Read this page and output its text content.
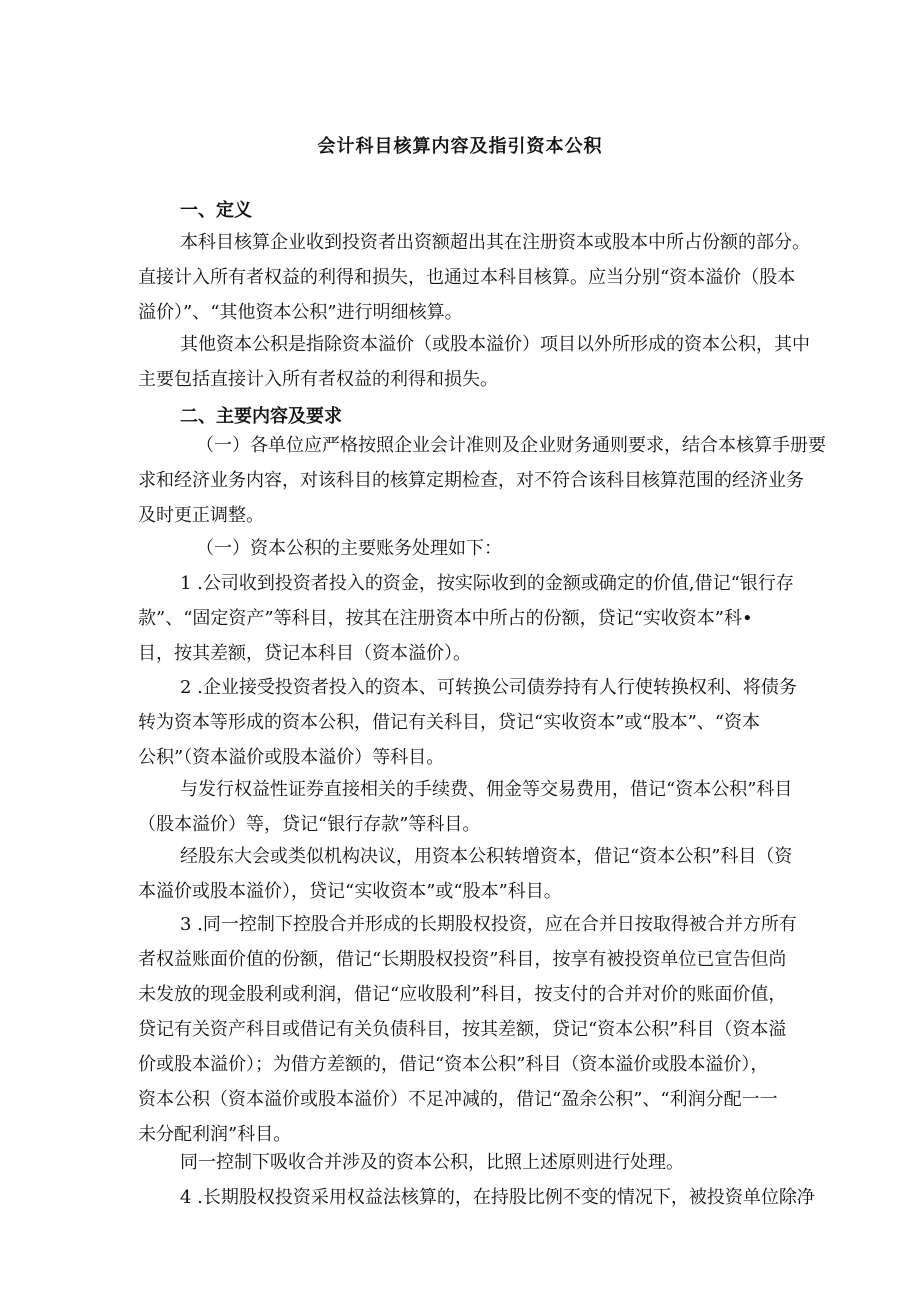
会计科目核算内容及指引资本公积
一、定义
本科目核算企业收到投资者出资额超出其在注册资本或股本中所占份额的部分。
直接计入所有者权益的利得和损失，也通过本科目核算。应当分别“资本溢价（股本
溢价）”、“其他资本公积”进行明细核算。
其他资本公积是指除资本溢价（或股本溢价）项目以外所形成的资本公积，其中
主要包括直接计入所有者权益的利得和损失。
二、主要内容及要求
（一）各单位应严格按照企业会计准则及企业财务通则要求，结合本核算手册要
求和经济业务内容，对该科目的核算定期检查，对不符合该科目核算范围的经济业务
及时更正调整。
（一）资本公积的主要账务处理如下：
1 .公司收到投资者投入的资金，按实际收到的金额或确定的价值,借记“银行存
款”、“固定资产”等科目，按其在注册资本中所占的份额，贷记“实收资本”科•
目，按其差额，贷记本科目（资本溢价）。
2 .企业接受投资者投入的资本、可转换公司债券持有人行使转换权利、将债务
转为资本等形成的资本公积，借记有关科目，贷记“实收资本”或“股本”、“资本
公积”（资本溢价或股本溢价）等科目。
与发行权益性证券直接相关的手续费、佣金等交易费用，借记“资本公积”科目
（股本溢价）等，贷记“银行存款”等科目。
经股东大会或类似机构决议，用资本公积转增资本，借记“资本公积”科目（资
本溢价或股本溢价），贷记“实收资本”或“股本”科目。
3 .同一控制下控股合并形成的长期股权投资，应在合并日按取得被合并方所有
者权益账面价值的份额，借记“长期股权投资”科目，按享有被投资单位已宣告但尚
未发放的现金股利或利润，借记“应收股利”科目，按支付的合并对价的账面价值，
贷记有关资产科目或借记有关负债科目，按其差额，贷记“资本公积”科目（资本溢
价或股本溢价）；为借方差额的，借记“资本公积”科目（资本溢价或股本溢价），
资本公积（资本溢价或股本溢价）不足冲减的，借记“盈余公积”、“利润分配一一
未分配利润”科目。
同一控制下吸收合并涉及的资本公积，比照上述原则进行处理。
4 .长期股权投资采用权益法核算的，在持股比例不变的情况下，被投资单位除净
